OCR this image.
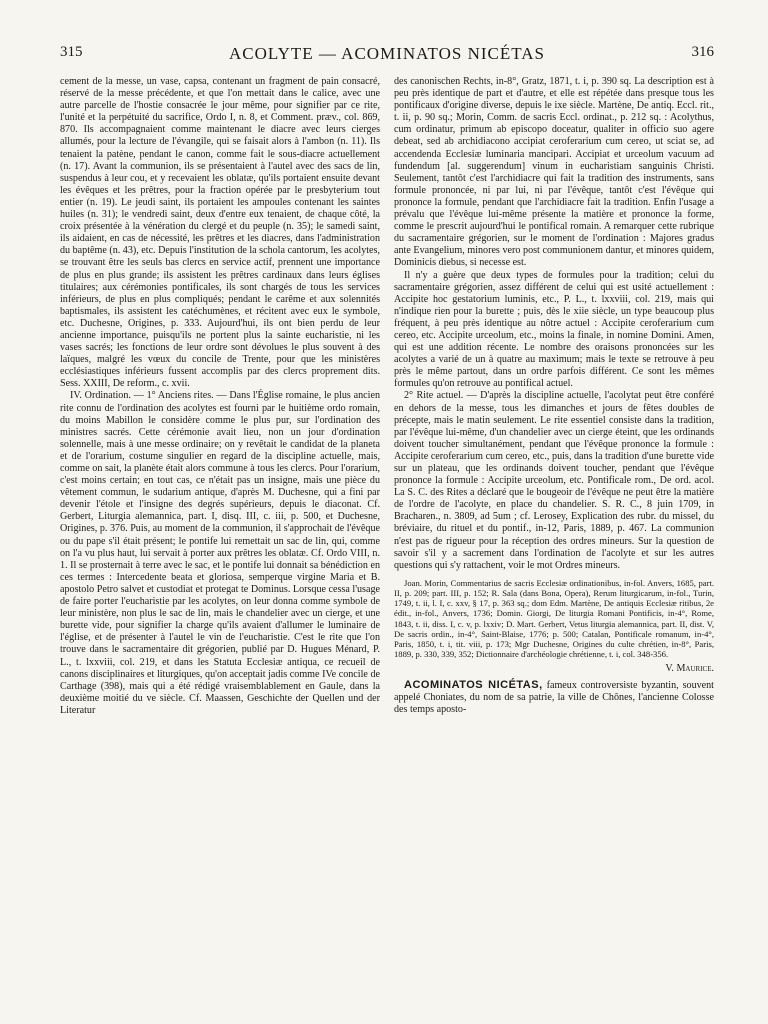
315	ACOLYTE — ACOMINATOS NICÉTAS	316

cement de la messe, un vase, capsa, contenant un fragment de pain consacré, réservé de la messe précédente, et que l'on mettait dans le calice, avec une autre parcelle de l'hostie consacrée le jour même, pour signifier par ce rite, l'unité et la perpétuité du sacrifice, Ordo I, n. 8, et Comment. præv., col. 869, 870. Ils accompagnaient comme maintenant le diacre avec leurs cierges allumés, pour la lecture de l'évangile, qui se faisait alors à l'ambon (n. 11). Ils tenaient la patène, pendant le canon, comme fait le sous-diacre actuellement (n. 17). Avant la communion, ils se présentaient à l'autel avec des sacs de lin, suspendus à leur cou, et y recevaient les oblatæ, qu'ils portaient ensuite devant les évêques et les prêtres, pour la fraction opérée par le presbyterium tout entier (n. 19). Le jeudi saint, ils portaient les ampoules contenant les saintes huiles (n. 31); le vendredi saint, deux d'entre eux tenaient, de chaque côté, la croix présentée à la vénération du clergé et du peuple (n. 35); le samedi saint, ils aidaient, en cas de nécessité, les prêtres et les diacres, dans l'administration du baptême (n. 43), etc. Depuis l'institution de la schola cantorum, les acolytes, se trouvant être les seuls bas clercs en service actif, prennent une importance de plus en plus grande; ils assistent les prêtres cardinaux dans leurs églises titulaires; aux cérémonies pontificales, ils sont chargés de tous les services inférieurs, de plus en plus compliqués; pendant le carême et aux solennités baptismales, ils assistent les catéchumènes, et récitent avec eux le symbole, etc. Duchesne, Origines, p. 333. Aujourd'hui, ils ont bien perdu de leur ancienne importance, puisqu'ils ne portent plus la sainte eucharistie, ni les vases sacrés; les fonctions de leur ordre sont dévolues le plus souvent à des laïques, malgré les vœux du concile de Trente, pour que les ministères ecclésiastiques inférieurs fussent accomplis par des clercs proprement dits. Sess. XXIII, De reform., c. xvii.

IV. Ordination. — 1° Anciens rites. — Dans l'Église romaine, le plus ancien rite connu de l'ordination des acolytes est fourni par le huitième ordo romain, du moins Mabillon le considère comme le plus pur, sur l'ordination des ministres sacrés. Cette cérémonie avait lieu, non un jour d'ordination solennelle, mais à une messe ordinaire; on y revêtait le candidat de la planeta et de l'orarium, costume singulier en regard de la discipline actuelle, mais, comme on sait, la planète était alors commune à tous les clercs. Pour l'orarium, c'est moins certain; en tout cas, ce n'était pas un insigne, mais une pièce du vêtement commun, le sudarium antique, d'après M. Duchesne, qui a fini par devenir l'étole et l'insigne des degrés supérieurs, depuis le diaconat. Cf. Gerbert, Liturgia alemannica, part. I, disq. III, c. iii, p. 500, et Duchesne, Origines, p. 376. Puis, au moment de la communion, il s'approchait de l'évêque ou du pape s'il était présent; le pontife lui remettait un sac de lin, qui, comme on l'a vu plus haut, lui servait à porter aux prêtres les oblatæ. Cf. Ordo VIII, n. 1. Il se prosternait à terre avec le sac, et le pontife lui donnait sa bénédiction en ces termes : Intercedente beata et gloriosa, semperque virgine Maria et B. apostolo Petro salvet et custodiat et protegat te Dominus. Lorsque cessa l'usage de faire porter l'eucharistie par les acolytes, on leur donna comme symbole de leur ministère, non plus le sac de lin, mais le chandelier avec un cierge, et une burette vide, pour signifier la charge qu'ils avaient d'allumer le luminaire de l'église, et de présenter à l'autel le vin de l'eucharistie. C'est le rite que l'on trouve dans le sacramentaire dit grégorien, publié par D. Hugues Ménard, P. L., t. lxxviii, col. 219, et dans les Statuta Ecclesiæ antiqua, ce recueil de canons disciplinaires et liturgiques, qu'on acceptait jadis comme IVe concile de Carthage (398), mais qui a été rédigé vraisemblablement en Gaule, dans la deuxième moitié du ve siècle. Cf. Maassen, Geschichte der Quellen und der Literatur

des canonischen Rechts, in-8°, Gratz, 1871, t. i, p. 390 sq. La description est à peu près identique de part et d'autre, et elle est répétée dans presque tous les pontificaux d'origine diverse, depuis le ixe siècle. Martène, De antiq. Eccl. rit., t. ii, p. 90 sq.; Morin, Comm. de sacris Eccl. ordinat., p. 212 sq. : Acolythus, cum ordinatur, primum ab episcopo doceatur, qualiter in officio suo agere debeat, sed ab archidiacono accipiat ceroferarium cum cereo, ut sciat se, ad accendenda Ecclesiæ luminaria mancipari. Accipiat et urceolum vacuum ad fundendum [al. suggerendum] vinum in eucharistiam sanguinis Christi. Seulement, tantôt c'est l'archidiacre qui fait la tradition des instruments, sans formule prononcée, ni par lui, ni par l'évêque, tantôt c'est l'évêque qui prononce la formule, pendant que l'archidiacre fait la tradition. Enfin l'usage a prévalu que l'évêque lui-même présente la matière et prononce la forme, comme le prescrit aujourd'hui le pontifical romain. A remarquer cette rubrique du sacramentaire grégorien, sur le moment de l'ordination : Majores gradus ante Evangelium, minores vero post communionem dantur, et minores quidem, Dominicis diebus, si necesse est.

Il n'y a guère que deux types de formules pour la tradition; celui du sacramentaire grégorien, assez différent de celui qui est usité actuellement : Accipite hoc gestatorium luminis, etc., P. L., t. lxxviii, col. 219, mais qui n'indique rien pour la burette ; puis, dès le xiie siècle, un type beaucoup plus fréquent, à peu près identique au nôtre actuel : Accipite ceroferarium cum cereo, etc. Accipite urceolum, etc., moins la finale, in nomine Domini. Amen, qui est une addition récente. Le nombre des oraisons prononcées sur les acolytes a varié de un à quatre au maximum; mais le texte se retrouve à peu près le même partout, dans un ordre parfois différent. Ce sont les mêmes formules qu'on retrouve au pontifical actuel.

2° Rite actuel. — D'après la discipline actuelle, l'acolytat peut être conféré en dehors de la messe, tous les dimanches et jours de fêtes doubles de précepte, mais le matin seulement. Le rite essentiel consiste dans la tradition, par l'évêque lui-même, d'un chandelier avec un cierge éteint, que les ordinands doivent toucher simultanément, pendant que l'évêque prononce la formule : Accipite ceroferarium cum cereo, etc., puis, dans la tradition d'une burette vide sur un plateau, que les ordinands doivent toucher, pendant que l'évêque prononce la formule : Accipite urceolum, etc. Pontificale rom., De ord. acol. La S. C. des Rites a déclaré que le bougeoir de l'évêque ne peut être la matière de l'ordre de l'acolyte, en place du chandelier. S. R. C., 8 juin 1709, in Bracharen., n. 3809, ad 5um ; cf. Lerosey, Explication des rubr. du missel, du bréviaire, du rituel et du pontif., in-12, Paris, 1889, p. 467. La communion n'est pas de rigueur pour la réception des ordres mineurs. Sur la question de savoir s'il y a sacrement dans l'ordination de l'acolyte et sur les autres questions qui s'y rattachent, voir le mot Ordres mineurs.

Joan. Morin, Commentarius de sacris Ecclesiæ ordinationibus, in-fol. Anvers, 1685, part. II, p. 209; part. III, p. 152; R. Sala (dans Bona, Opera), Rerum liturgicarum, in-fol., Turin, 1749, t. ii, l. I, c. xxv, § 17, p. 363 sq.; dom Edm. Martène, De antiquis Ecclesiæ ritibus, 2e édit., in-fol., Anvers, 1736; Domin. Giorgi, De liturgia Romani Pontificis, in-4°, Rome, 1843, t. ii, diss. I, c. v, p. lxxiv; D. Mart. Gerbert, Vetus liturgia alemannica, part. II, dist. V, De sacris ordin., in-4°, Saint-Blaise, 1776; p. 500; Catalan, Pontificale romanum, in-4°, Paris, 1850, t. i, tit. viii, p. 173; Mgr Duchesne, Origines du culte chrétien, in-8°, Paris, 1889, p. 330, 339, 352; Dictionnaire d'archéologie chrétienne, t. i, col. 348-356.

V. Maurice.

ACOMINATOS NICÉTAS, fameux controversiste byzantin, souvent appelé Choniates, du nom de sa patrie, la ville de Chônes, l'ancienne Colosse des temps aposto-
